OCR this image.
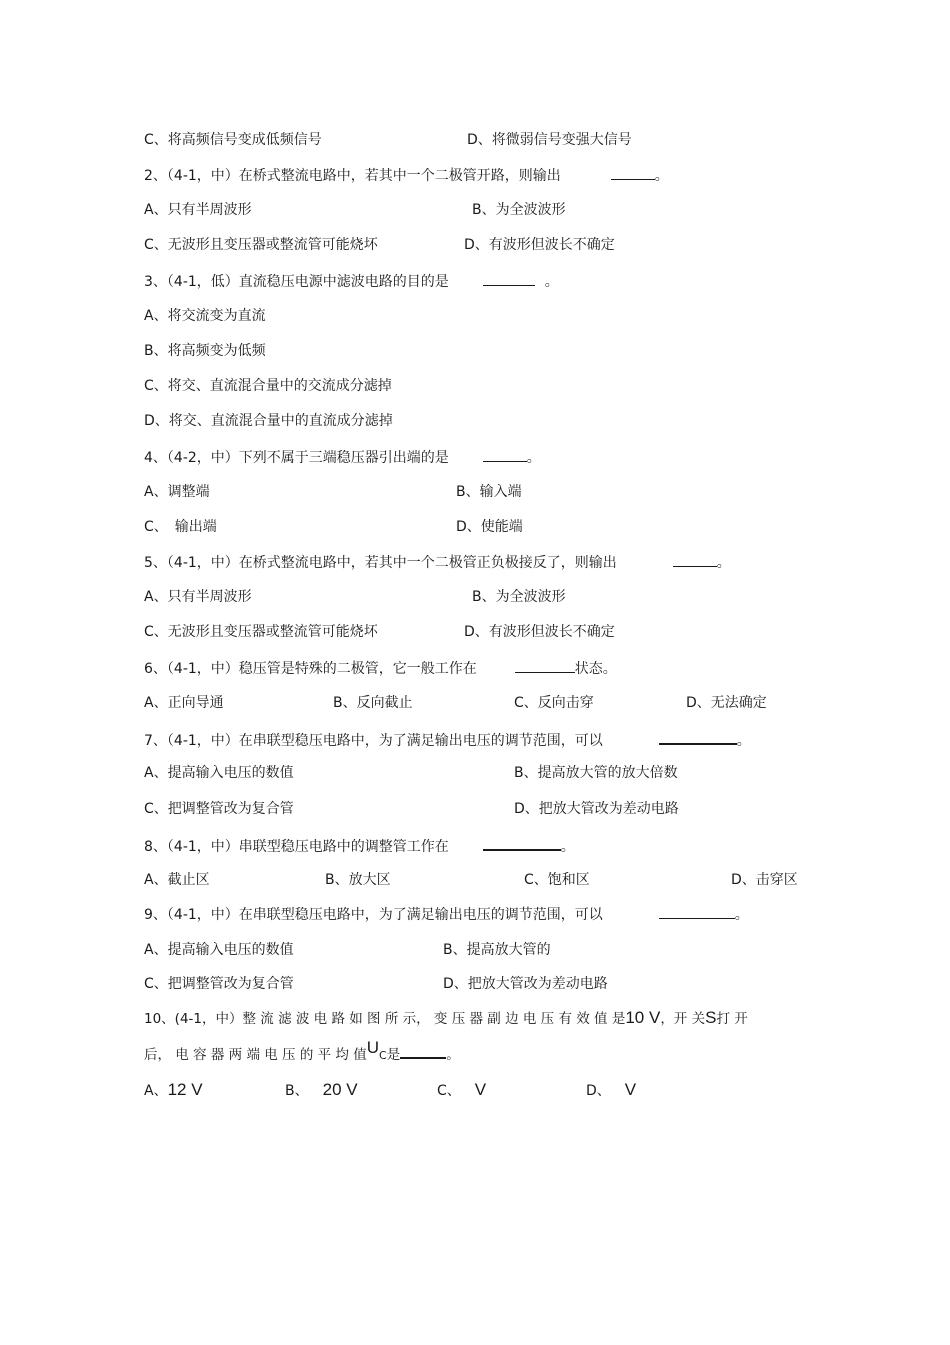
C、将高频信号变成低频信号	D、将微弱信号变强大信号
2、（4-1，中）在桥式整流电路中，若其中一个二极管开路，则输出	。
A、只有半周波形	B、为全波波形
C、无波形且变压器或整流管可能烧坏	D、有波形但波长不确定
3、（4-1，低）直流稳压电源中滤波电路的目的是	。
A、将交流变为直流
B、将高频变为低频
C、将交、直流混合量中的交流成分滤掉
D、将交、直流混合量中的直流成分滤掉
4、（4-2，中）下列不属于三端稳压器引出端的是	。
A、调整端	B、输入端
C、　输出端	D、使能端
5、（4-1，中）在桥式整流电路中，若其中一个二极管正负极接反了，则输出	。
A、只有半周波形	B、为全波波形
C、无波形且变压器或整流管可能烧坏	D、有波形但波长不确定
6、（4-1，中）稳压管是特殊的二极管，它一般工作在	状态。
A、正向导通	B、反向截止	C、反向击穿	D、无法确定
7、（4-1，中）在串联型稳压电路中，为了满足输出电压的调节范围，可以	。
A、提高输入电压的数值	B、提高放大管的放大倍数
C、把调整管改为复合管	D、把放大管改为差动电路
8、（4-1，中）串联型稳压电路中的调整管工作在	。
A、截止区	B、放大区	C、饱和区	D、击穿区
9、（4-1，中）在串联型稳压电路中，为了满足输出电压的调节范围，可以	。
A、提高输入电压的数值	B、提高放大管的
C、把调整管改为复合管	D、把放大管改为差动电路
10、(4-1，中）整 流 滤 波 电 路 如 图 所 示， 变 压 器 副 边 电 压 有 效 值 是10 V，开 关S打 开
后， 电 容 器 两 端 电 压 的 平 均 值UC是	。
A、12 V	B、 20 V	C、 V	D、 V
